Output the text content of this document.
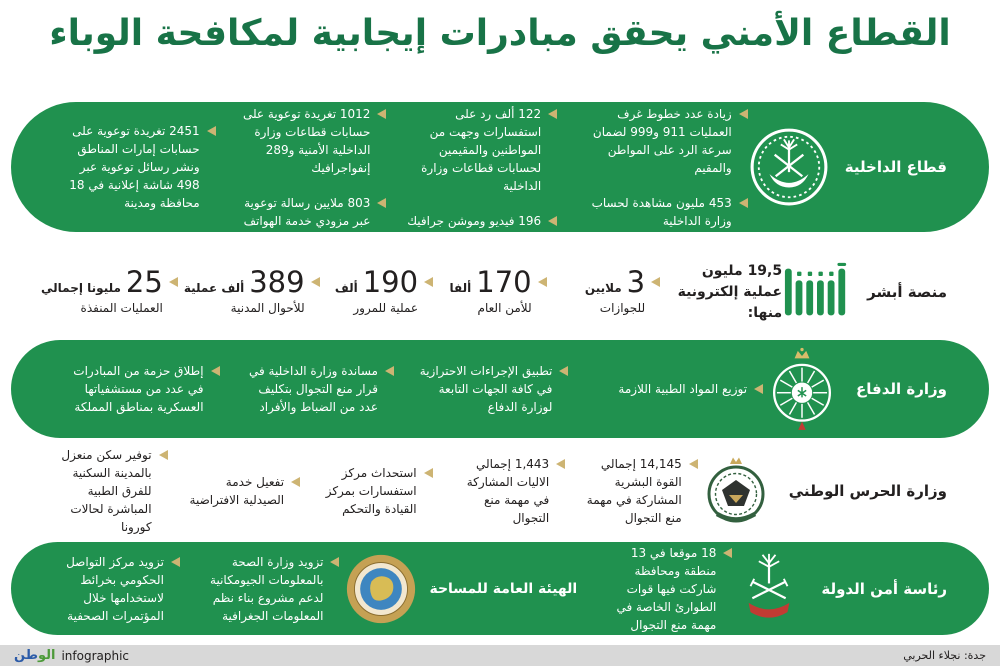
القطاع الأمني يحقق مبادرات إيجابية لمكافحة الوباء
قطاع الداخلية
زيادة عدد خطوط غرف العمليات 911 و999 لضمان سرعة الرد على المواطن والمقيم
453 مليون مشاهدة لحساب وزارة الداخلية
122 ألف رد على استفسارات وجهت من المواطنين والمقيمين لحسابات قطاعات وزارة الداخلية
196 فيديو وموشن جرافيك
1012 تغريدة توعوية على حسابات قطاعات وزارة الداخلية الأمنية و289 إنفواجرافيك
803 ملايين رسالة توعوية عبر مزودي خدمة الهواتف
2451 تغريدة توعوية على حسابات إمارات المناطق ونشر رسائل توعوية عبر 498 شاشة إعلانية في 18 محافظة ومدينة
منصة أبشر
19,5 مليون عملية إلكترونية منها:
3
ملايين
للجوازات
170
ألفا
للأمن العام
190
ألف
عملية للمرور
389
ألف عملية
للأحوال المدنية
25
مليونا إجمالي
العمليات المنفذة
وزارة الدفاع
توزيع المواد الطبية اللازمة
تطبيق الإجراءات الاحترازية في كافة الجهات التابعة لوزارة الدفاع
مساندة وزارة الداخلية في قرار منع التجوال بتكليف عدد من الضباط والأفراد
إطلاق حزمة من المبادرات في عدد من مستشفياتها العسكرية بمناطق المملكة
وزارة الحرس الوطني
14,145 إجمالي القوة البشرية المشاركة في مهمة منع التجوال
1,443 إجمالي الاليات المشاركة في مهمة منع التجوال
استحداث مركز استفسارات بمركز القيادة والتحكم
تفعيل خدمة الصيدلية الافتراضية
توفير سكن منعزل بالمدينة السكنية للفرق الطبية المباشرة لحالات كورونا
رئاسة أمن الدولة
18 موقعا في 13 منطقة ومحافظة شاركت فيها قوات الطوارئ الخاصة في مهمة منع التجوال
الهيئة العامة للمساحة
تزويد وزارة الصحة بالمعلومات الجيومكانية لدعم مشروع بناء نظم المعلومات الجغرافية
تزويد مركز التواصل الحكومي بخرائط لاستخدامها خلال المؤتمرات الصحفية
جدة: نجلاء الحربي
الوطن	infographic
